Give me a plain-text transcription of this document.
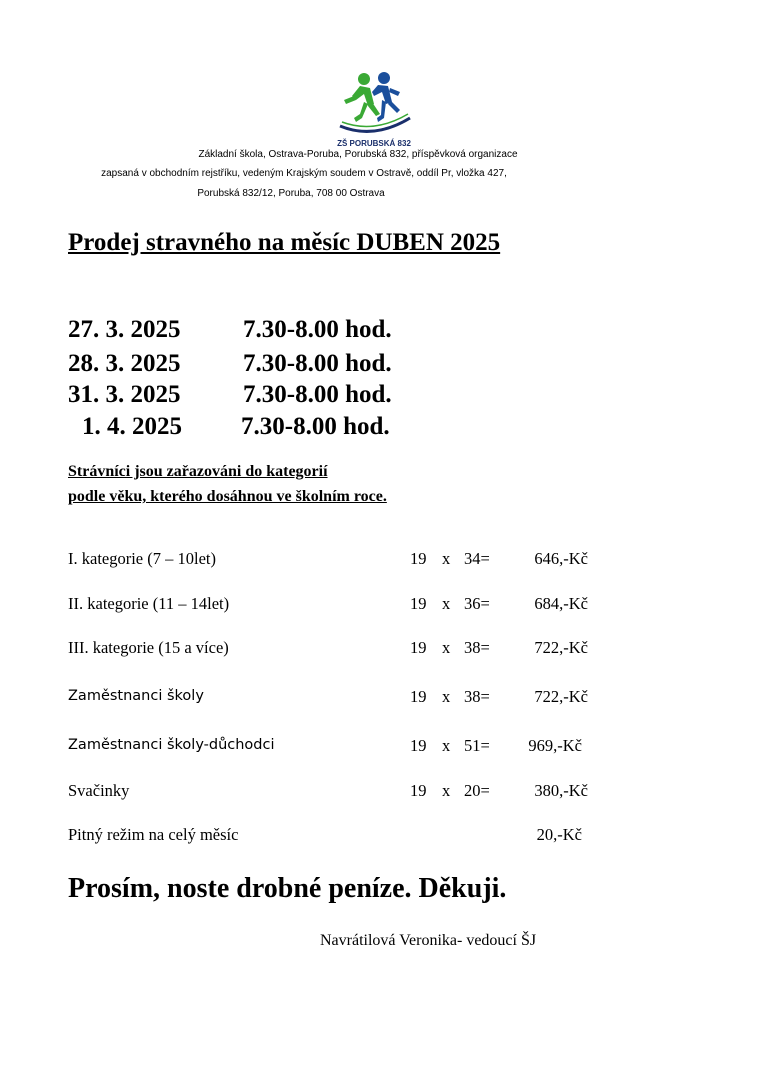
ZŠ PORUBSKÁ 832
Základní škola, Ostrava-Poruba, Porubská 832, příspěvková organizace
zapsaná v obchodním rejstříku, vedeným Krajským soudem v Ostravě, oddíl Pr, vložka 427,
Porubská 832/12, Poruba, 708 00 Ostrava
Prodej stravného na měsíc DUBEN 2025
27. 3. 2025	7.30-8.00 hod.
28. 3. 2025	7.30-8.00 hod.
31. 3. 2025	7.30-8.00 hod.
1. 4. 2025 7.30-8.00 hod.
Strávníci jsou zařazováni do kategorií
podle věku, kterého dosáhnou ve školním roce.
I. kategorie (7 – 10let)	19 x 34=	646,-Kč
II. kategorie (11 – 14let)	19 x 36=	684,-Kč
III. kategorie (15 a více)	19 x 38=	722,-Kč
Zaměstnanci školy	19 x 38=	722,-Kč
Zaměstnanci školy-důchodci	19 x 51= 969,-Kč
Svačinky	19 x 20=	380,-Kč
Pitný režim na celý měsíc	20,-Kč
Prosím, noste drobné peníze. Děkuji.
Navrátilová Veronika- vedoucí ŠJ
